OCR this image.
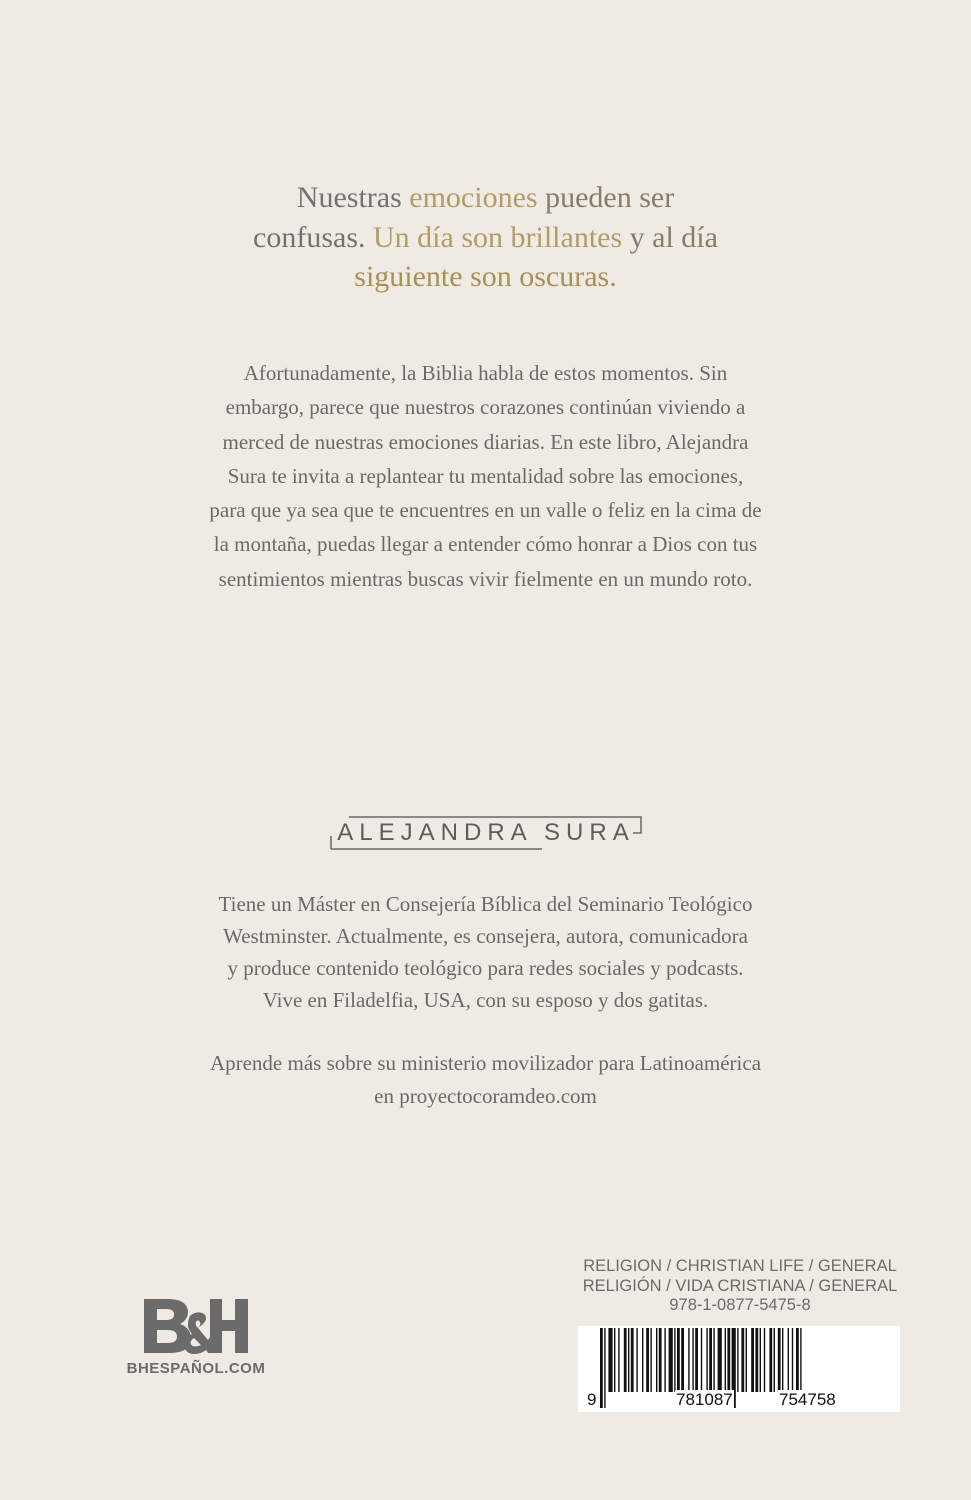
Nuestras emociones pueden ser
confusas. Un día son brillantes y al día
siguiente son oscuras.
Afortunadamente, la Biblia habla de estos momentos. Sin
embargo, parece que nuestros corazones continúan viviendo a
merced de nuestras emociones diarias. En este libro, Alejandra
Sura te invita a replantear tu mentalidad sobre las emociones,
para que ya sea que te encuentres en un valle o feliz en la cima de
la montaña, puedas llegar a entender cómo honrar a Dios con tus
sentimientos mientras buscas vivir fielmente en un mundo roto.
ALEJANDRA SURA
Tiene un Máster en Consejería Bíblica del Seminario Teológico
Westminster. Actualmente, es consejera, autora, comunicadora
y produce contenido teológico para redes sociales y podcasts.
Vive en Filadelfia, USA, con su esposo y dos gatitas.
Aprende más sobre su ministerio movilizador para Latinoamérica
en proyectocoramdeo.com
BHESPAÑOL.COM
RELIGION / CHRISTIAN LIFE / GENERAL
RELIGIÓN / VIDA CRISTIANA / GENERAL
978-1-0877-5475-8
9	781087	754758
